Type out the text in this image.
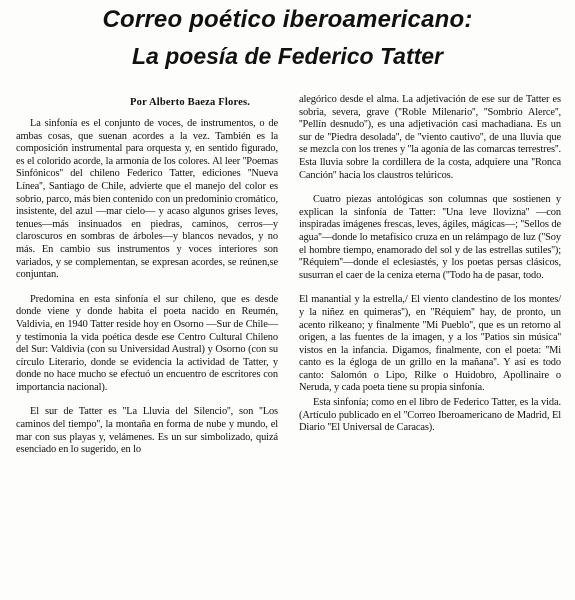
Correo poético iberoamericano:
La poesía de Federico Tatter
Por Alberto Baeza Flores.

La sinfonía es el conjunto de voces, de instrumentos, o de ambas cosas, que suenan acordes a la vez. También es la composición instrumental para orquesta y, en sentido figurado, es el colorido acorde, la armonía de los colores. Al leer ''Poemas Sinfónicos'' del chileno Federico Tatter, ediciones ''Nueva Línea'', Santiago de Chile, advierte que el manejo del color es sobrio, parco, más bien contenido con un predominio cromático, insistente, del azul —mar cielo— y acaso algunos grises leves, tenues—más insinuados en piedras, caminos, cerros—y claroscuros en sombras de árboles—y blancos nevados, y no más. En cambio sus instrumentos y voces interiores son variados, y se complementan, se expresan acordes, se reúnen,se conjuntan.

Predomina en esta sinfonía el sur chileno, que es desde donde viene y donde habita el poeta nacido en Reumén, Valdivia, en 1940 Tatter reside hoy en Osorno —Sur de Chile— y testimonia la vida poética desde ese Centro Cultural Chileno del Sur: Valdivia (con su Universidad Austral) y Osorno (con su círculo Literario, donde se evidencia la actividad de Tatter, y donde no hace mucho se efectuó un encuentro de escritores con importancia nacional).

El sur de Tatter es ''La Lluvia del Silencio'', son ''Los caminos del tiempo'', la montaña en forma de nube y mundo, el mar con sus playas y, velámenes. Es un sur simbolizado, quizá esenciado en lo sugerido, en lo

alegórico desde el alma. La adjetivación de ese sur de Tatter es sobria, severa, grave (''Roble Milenario'', ''Sombrío Alerce'', ''Pellín desnudo''), es una adjetivación casi machadiana. Es un sur de ''Piedra desolada'', de ''viento cautivo'', de una lluvia que se mezcla con los trenes y ''la agonía de las comarcas terrestres''. Esta lluvia sobre la cordillera de la costa, adquiere una ''Ronca Canción'' hacia los claustros telúricos.

Cuatro piezas antológicas son columnas que sostienen y explican la sinfonía de Tatter: ''Una leve llovizna'' —con inspiradas imágenes frescas, leves, ágiles, mágicas—; ''Sellos de agua''—donde lo metafísico cruza en un relámpago de luz (''Soy el hombre tiempo, enamorado del sol y de las estrellas sutiles''); ''Réquiem''—donde el eclesiastés, y los poetas persas clásicos, susurran el caer de la ceniza eterna (''Todo ha de pasar, todo.

El manantial y la estrella,/ El viento clandestino de los montes/ y la niñez en quimeras''), en ''Réquiem'' hay, de pronto, un acento rilkeano; y finalmente ''Mi Pueblo'', que es un retorno al origen, a las fuentes de la imagen, y a los ''Patios sin música'' vistos en la infancia. Digamos, finalmente, con el poeta: ''Mi canto es la égloga de un grillo en la mañana''. Y así es todo canto: Salomón o Lipo, Rilke o Huidobro, Apollinaire o Neruda, y cada poeta tiene su propia sinfonía.

Esta sinfonía; como en el libro de Federico Tatter, es la vida. (Artículo publicado en el ''Correo Iberoamericano de Madrid, El Diario ''El Universal de Caracas).
